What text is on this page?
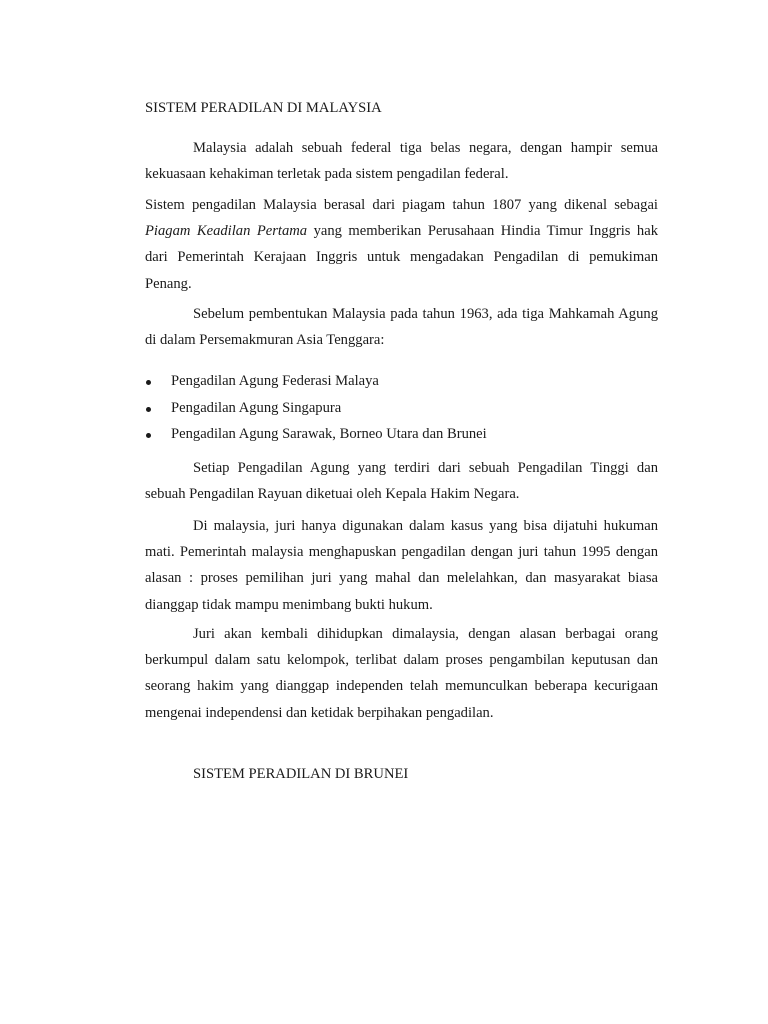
SISTEM PERADILAN DI MALAYSIA

Malaysia adalah sebuah federal tiga belas negara, dengan hampir semua kekuasaan kehakiman terletak pada sistem pengadilan federal.

Sistem pengadilan Malaysia berasal dari piagam tahun 1807 yang dikenal sebagai Piagam Keadilan Pertama yang memberikan Perusahaan Hindia Timur Inggris hak dari Pemerintah Kerajaan Inggris untuk mengadakan Pengadilan di pemukiman Penang.

Sebelum pembentukan Malaysia pada tahun 1963, ada tiga Mahkamah Agung di dalam Persemakmuran Asia Tenggara:

Pengadilan Agung Federasi Malaya
Pengadilan Agung Singapura
Pengadilan Agung Sarawak, Borneo Utara dan Brunei

Setiap Pengadilan Agung yang terdiri dari sebuah Pengadilan Tinggi dan sebuah Pengadilan Rayuan diketuai oleh Kepala Hakim Negara.

Di malaysia, juri hanya digunakan dalam kasus yang bisa dijatuhi hukuman mati. Pemerintah malaysia menghapuskan pengadilan dengan juri tahun 1995 dengan alasan : proses pemilihan juri yang mahal dan melelahkan, dan masyarakat biasa dianggap tidak mampu menimbang bukti hukum.

Juri akan kembali dihidupkan dimalaysia, dengan alasan berbagai orang berkumpul dalam satu kelompok, terlibat dalam proses pengambilan keputusan dan seorang hakim yang dianggap independen telah memunculkan beberapa kecurigaan mengenai independensi dan ketidak berpihakan pengadilan.

SISTEM PERADILAN DI BRUNEI
